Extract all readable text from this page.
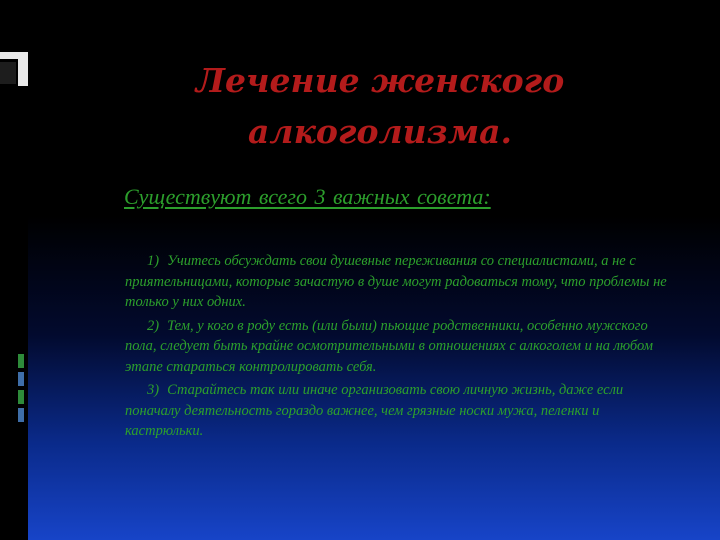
Лечение женского алкоголизма.

Существуют всего 3 важных совета:

1) Учитесь обсуждать свои душевные переживания со специалистами, а не с приятельницами, которые зачастую в душе могут радоваться тому, что проблемы не только у них одних.
2) Тем, у кого в роду есть (или были) пьющие родственники, особенно мужского пола, следует быть крайне осмотрительными в отношениях с алкоголем и на любом этапе стараться контролировать себя.
3) Старайтесь так или иначе организовать свою личную жизнь, даже если поначалу деятельность гораздо важнее, чем грязные носки мужа, пеленки и кастрюльки.
